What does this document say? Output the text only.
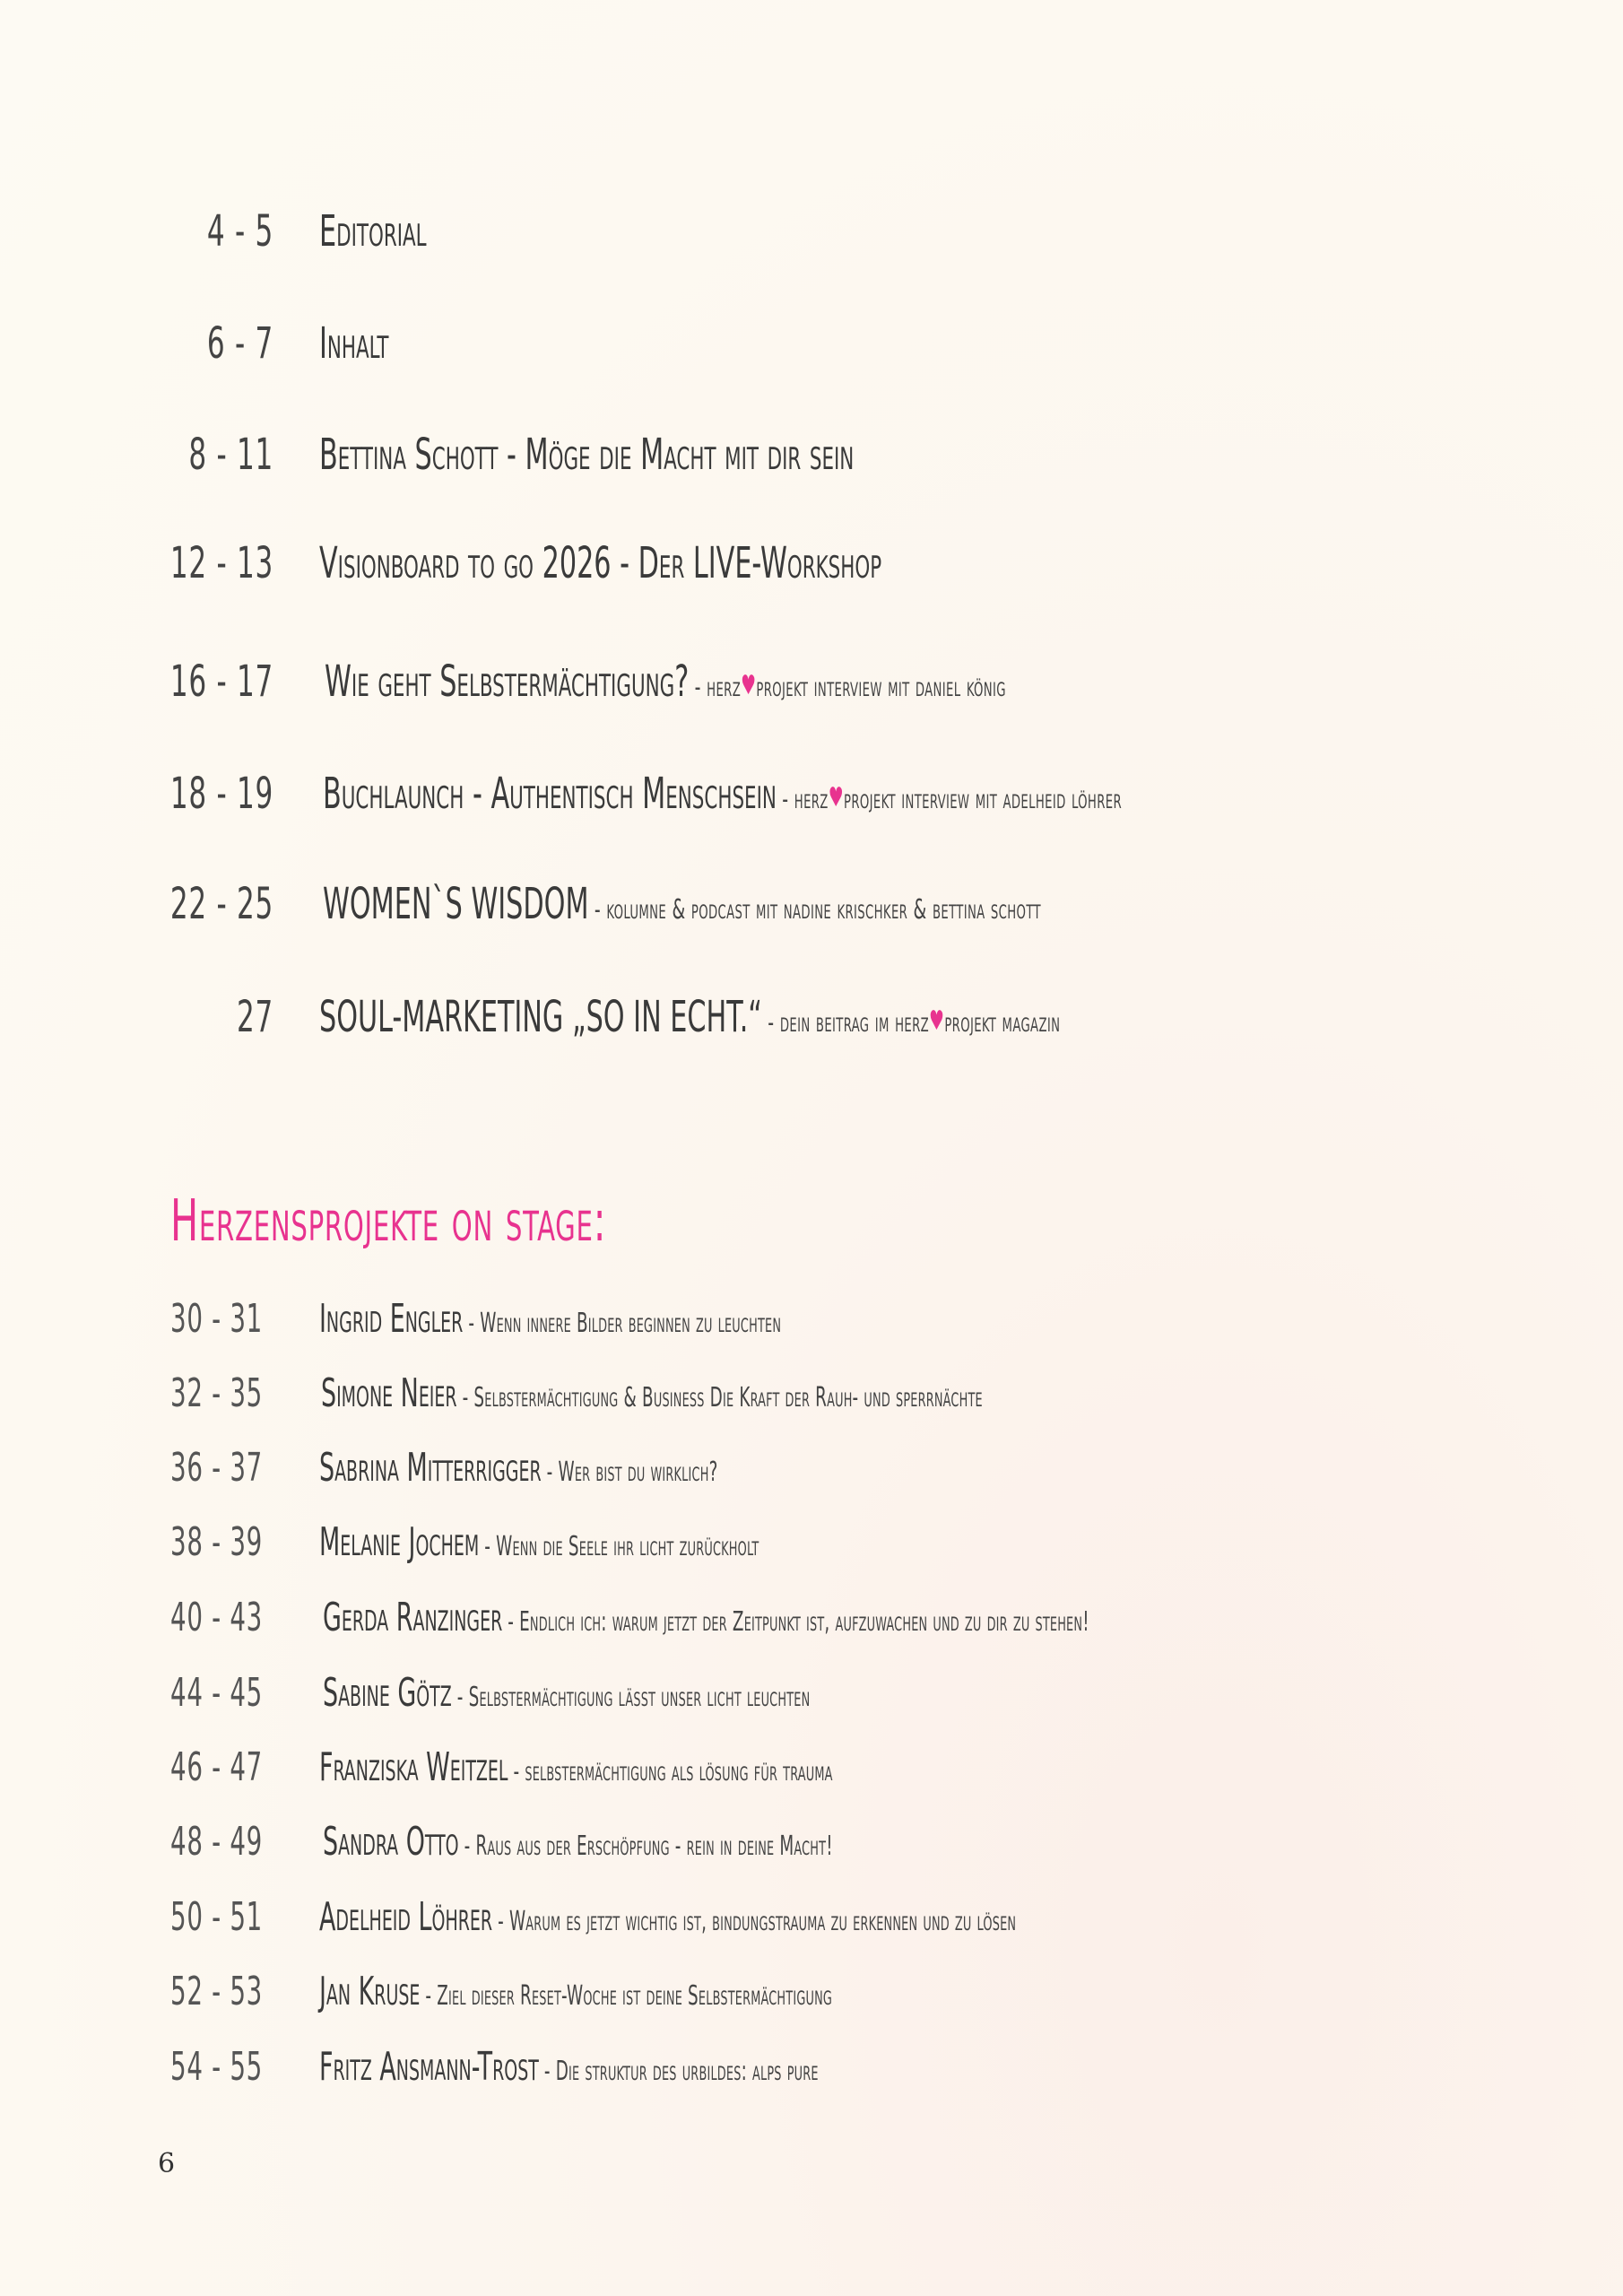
4 - 5 Editorial
6 - 7 Inhalt
8 - 11 Bettina Schott - Möge die Macht mit dir sein
12 - 13 Visionboard to go 2026 - Der LIVE-Workshop
16 - 17 Wie geht Selbstermächtigung? - herz♥projekt interview mit daniel könig
18 - 19 Buchlaunch - Authentisch Menschsein - herz♥projekt interview mit adelheid löhrer
22 - 25 WOMEN`S WISDOM - kolumne & podcast mit nadine krischker & bettina schott
27 SOUL-MARKETING „SO IN ECHT.“ - dein beitrag im herz♥projekt magazin
Herzensprojekte on stage:
30 - 31 Ingrid Engler - Wenn innere Bilder beginnen zu leuchten
32 - 35 Simone Neier - Selbstermächtigung & Business Die Kraft der Rauh- und sperrnächte
36 - 37 Sabrina Mitterrigger - Wer bist du wirklich?
38 - 39 Melanie Jochem - Wenn die Seele ihr licht zurückholt
40 - 43 Gerda Ranzinger - Endlich ich: warum jetzt der Zeitpunkt ist, aufzuwachen und zu dir zu stehen!
44 - 45 Sabine Götz - Selbstermächtigung lässt unser licht leuchten
46 - 47 Franziska Weitzel - selbstermächtigung als lösung für trauma
48 - 49 Sandra Otto - Raus aus der Erschöpfung - rein in deine Macht!
50 - 51 Adelheid Löhrer - Warum es jetzt wichtig ist, bindungstrauma zu erkennen und zu lösen
52 - 53 Jan Kruse - Ziel dieser Reset-Woche ist deine Selbstermächtigung
54 - 55 Fritz Ansmann-Trost - Die struktur des urbildes: alps pure
6
